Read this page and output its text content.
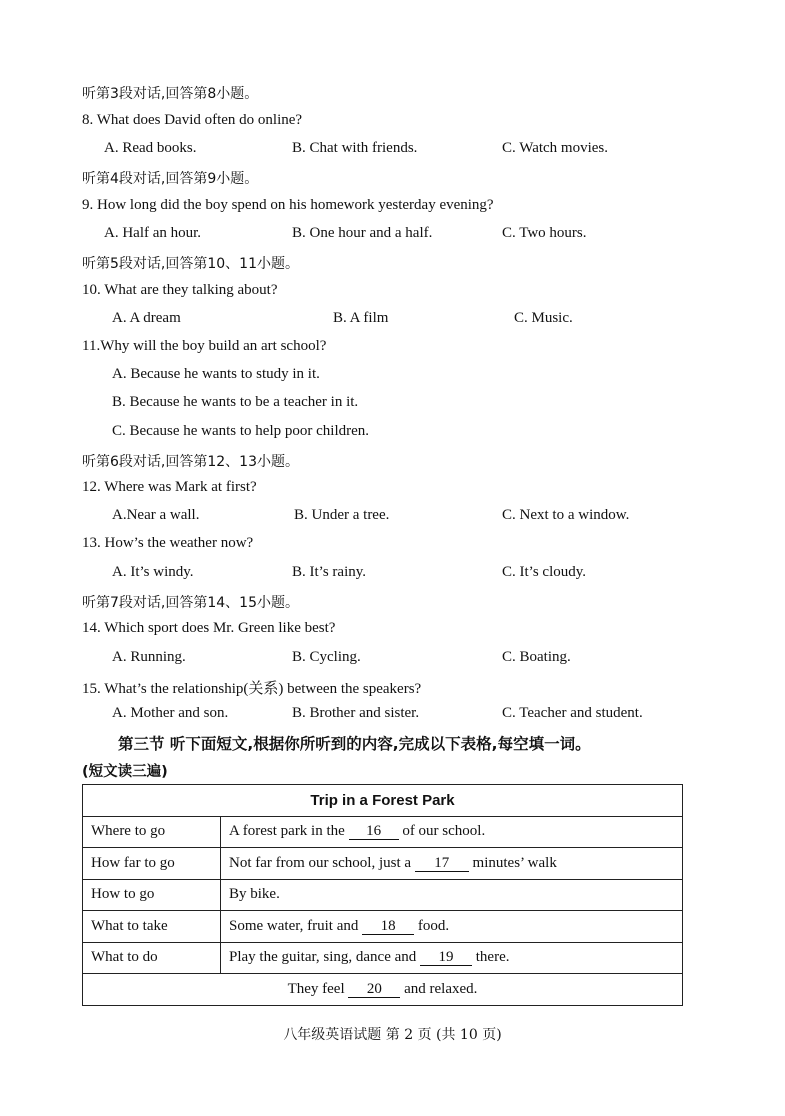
听第3段对话,回答第8小题。
8. What does David often do online?
A. Read books.	B. Chat with friends.	C. Watch movies.
听第4段对话,回答第9小题。
9. How long did the boy spend on his homework yesterday evening?
A. Half an hour.	B. One hour and a half.	C. Two hours.
听第5段对话,回答第10、11小题。
10. What are they talking about?
A. A dream	B. A film	C. Music.
11.Why will the boy build an art school?
A. Because he wants to study in it.
B. Because he wants to be a teacher in it.
C. Because he wants to help poor children.
听第6段对话,回答第12、13小题。
12. Where was Mark at first?
A.Near a wall.	B. Under a tree.	C. Next to a window.
13. How’s the weather now?
A. It’s windy.	B. It’s rainy.	C. It’s cloudy.
听第7段对话,回答第14、15小题。
14. Which sport does Mr. Green like best?
A. Running.	B. Cycling.	C. Boating.
15. What’s the relationship(关系) between the speakers?
A. Mother and son.	B. Brother and sister.	C. Teacher and student.
第三节 听下面短文,根据你所听到的内容,完成以下表格,每空填一词。
(短文读三遍)
Trip in a Forest Park	
Where to go	A forest park in the 16 of our school.
How far to go	Not far from our school, just a 17 minutes’ walk
How to go	By bike.
What to take	Some water, fruit and 18 food.
What to do	Play the guitar, sing, dance and 19 there.
They feel 20 and relaxed.	
八年级英语试题 第 2 页 (共 10 页)
